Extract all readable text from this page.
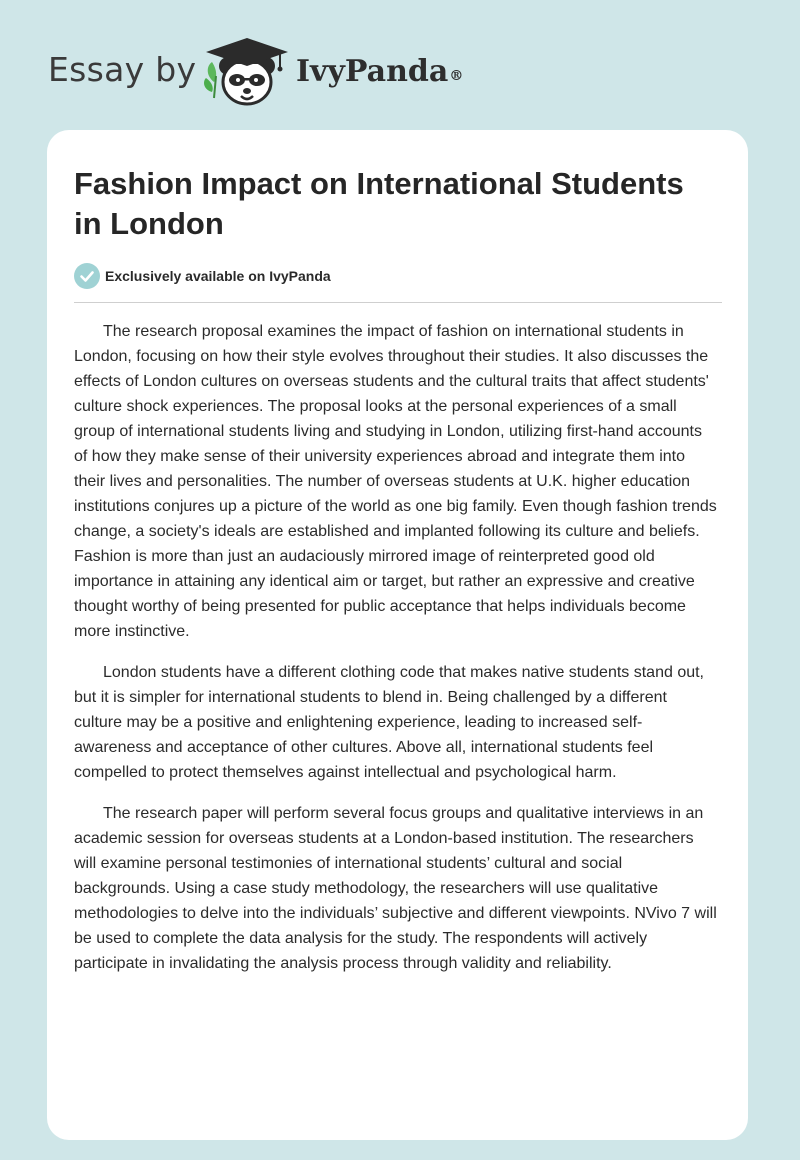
Essay by	IvyPanda®
Fashion Impact on International Students in London
Exclusively available on IvyPanda

The research proposal examines the impact of fashion on international students in London, focusing on how their style evolves throughout their studies. It also discusses the effects of London cultures on overseas students and the cultural traits that affect students' culture shock experiences. The proposal looks at the personal experiences of a small group of international students living and studying in London, utilizing first-hand accounts of how they make sense of their university experiences abroad and integrate them into their lives and personalities. The number of overseas students at U.K. higher education institutions conjures up a picture of the world as one big family. Even though fashion trends change, a society's ideals are established and implanted following its culture and beliefs. Fashion is more than just an audaciously mirrored image of reinterpreted good old importance in attaining any identical aim or target, but rather an expressive and creative thought worthy of being presented for public acceptance that helps individuals become more instinctive.

London students have a different clothing code that makes native students stand out, but it is simpler for international students to blend in. Being challenged by a different culture may be a positive and enlightening experience, leading to increased self-awareness and acceptance of other cultures. Above all, international students feel compelled to protect themselves against intellectual and psychological harm.

The research paper will perform several focus groups and qualitative interviews in an academic session for overseas students at a London-based institution. The researchers will examine personal testimonies of international students’ cultural and social backgrounds. Using a case study methodology, the researchers will use qualitative methodologies to delve into the individuals’ subjective and different viewpoints. NVivo 7 will be used to complete the data analysis for the study. The respondents will actively participate in invalidating the analysis process through validity and reliability.
